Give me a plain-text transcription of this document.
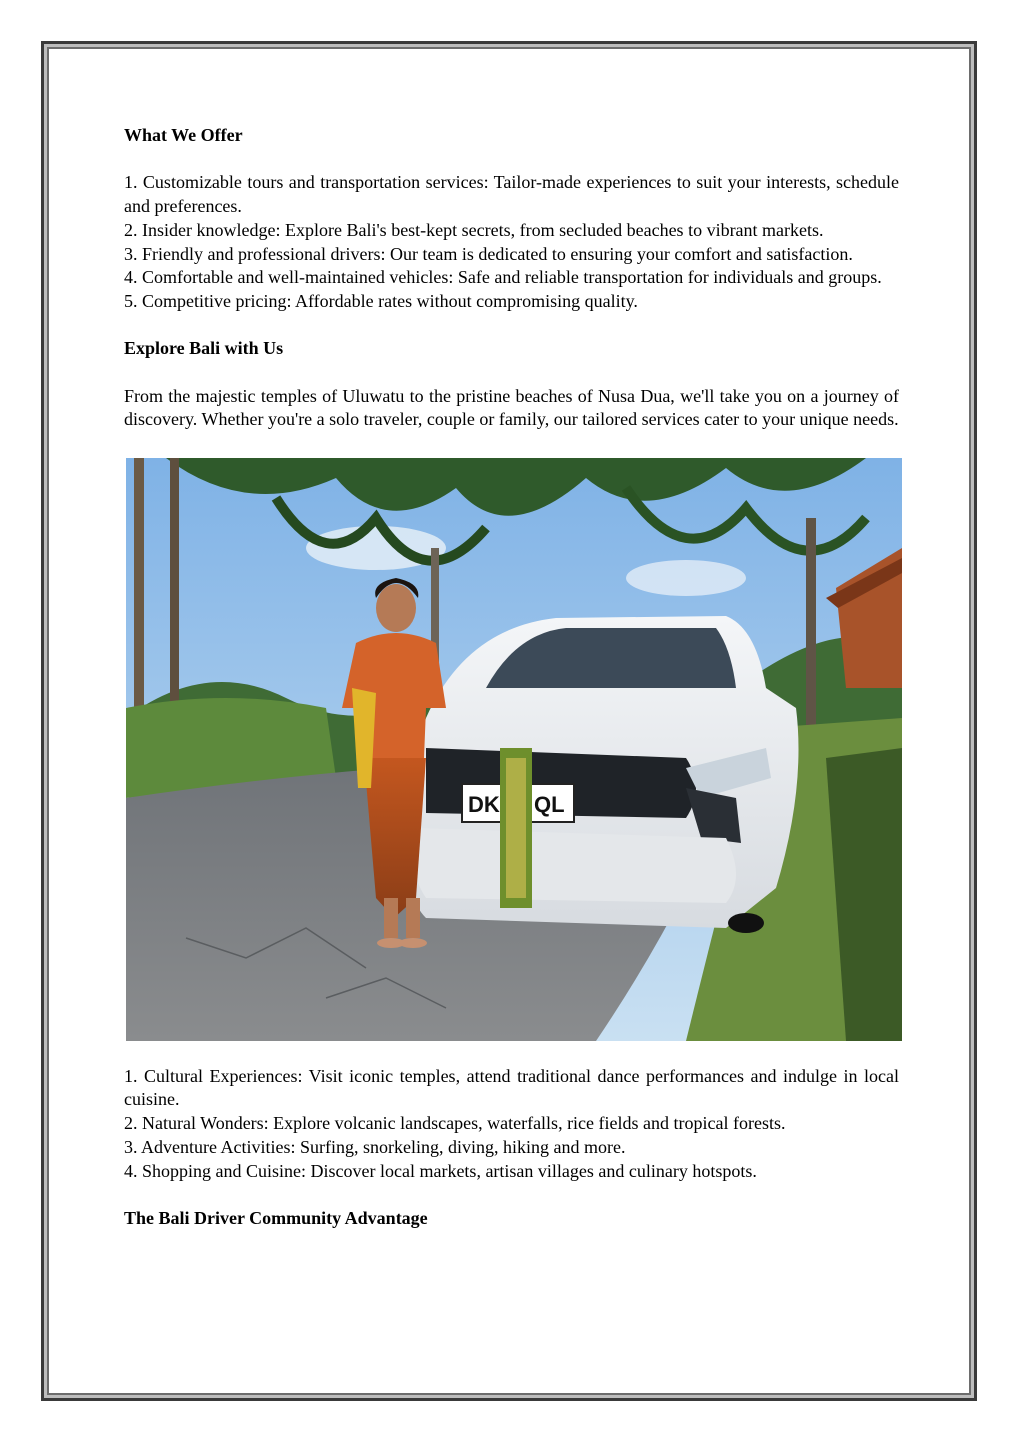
What We Offer

1. Customizable tours and transportation services: Tailor-made experiences to suit your interests, schedule and preferences.

2. Insider knowledge: Explore Bali's best-kept secrets, from secluded beaches to vibrant markets.

3. Friendly and professional drivers: Our team is dedicated to ensuring your comfort and satisfaction.

4. Comfortable and well-maintained vehicles: Safe and reliable transportation for individuals and groups.

5. Competitive pricing: Affordable rates without compromising quality.

Explore Bali with Us

From the majestic temples of Uluwatu to the pristine beaches of Nusa Dua, we'll take you on a journey of discovery. Whether you're a solo traveler, couple or family, our tailored services cater to your unique needs.

DK QL

1. Cultural Experiences: Visit iconic temples, attend traditional dance performances and indulge in local cuisine.

2. Natural Wonders: Explore volcanic landscapes, waterfalls, rice fields and tropical forests.

3. Adventure Activities: Surfing, snorkeling, diving, hiking and more.

4. Shopping and Cuisine: Discover local markets, artisan villages and culinary hotspots.

The Bali Driver Community Advantage
